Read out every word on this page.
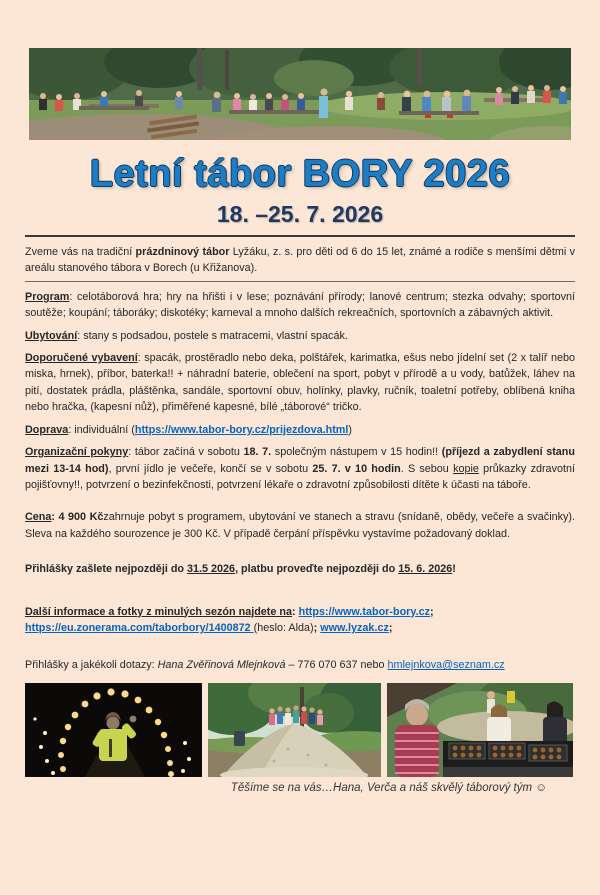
Letní tábor BORY 2026
18. –25. 7. 2026

Zveme vás na tradiční prázdninový tábor Lyžáku, z. s. pro děti od 6 do 15 let, známé a rodiče s menšími dětmi v areálu stanového tábora v Borech (u Křižanova).

Program: celotáborová hra; hry na hřišti i v lese; poznávání přírody; lanové centrum; stezka odvahy; sportovní soutěže; koupání; táboráky; diskotéky; karneval a mnoho dalších rekreačních, sportovních a zábavných aktivit.

Ubytování: stany s podsadou, postele s matracemi, vlastní spacák.

Doporučené vybavení: spacák, prostěradlo nebo deka, polštářek, karimatka, ešus nebo jídelní set (2 x talíř nebo miska, hrnek), příbor, baterka!! + náhradní baterie, oblečení na sport, pobyt v přírodě a u vody, batůžek, láhev na pití, dostatek prádla, pláštěnka, sandále, sportovní obuv, holínky, plavky, ručník, toaletní potřeby, oblíbená kniha nebo hračka, (kapesní nůž), přiměřené kapesné, bílé „táborové“ tričko.

Doprava: individuální (https://www.tabor-bory.cz/prijezdova.html)

Organizační pokyny: tábor začíná v sobotu 18. 7. společným nástupem v 15 hodin!! (příjezd a zabydlení stanu mezi 13-14 hod), první jídlo je večeře, končí se v sobotu 25. 7. v 10 hodin. S sebou kopie průkazky zdravotní pojišťovny!!, potvrzení o bezinfekčnosti, potvrzení lékaře o zdravotní způsobilosti dítěte k účasti na táboře.

Cena: 4 900 Kčzahrnuje pobyt s programem, ubytování ve stanech a stravu (snídaně, obědy, večeře a svačinky). Sleva na každého sourozence je 300 Kč. V případě čerpání příspěvku vystavíme požadovaný doklad.

Přihlášky zašlete nejpozději do 31.5 2026, platbu proveďte nejpozději do 15. 6. 2026!

Další informace a fotky z minulých sezón najdete na: https://www.tabor-bory.cz;
https://eu.zonerama.com/taborbory/1400872 (heslo: Alda); www.lyzak.cz;

Přihlášky a jakékoli dotazy: Hana Zvěřinová Mlejnková – 776 070 637 nebo hmlejnkova@seznam.cz

Těšíme se na vás…Hana, Verča a náš skvělý táborový tým ☺
